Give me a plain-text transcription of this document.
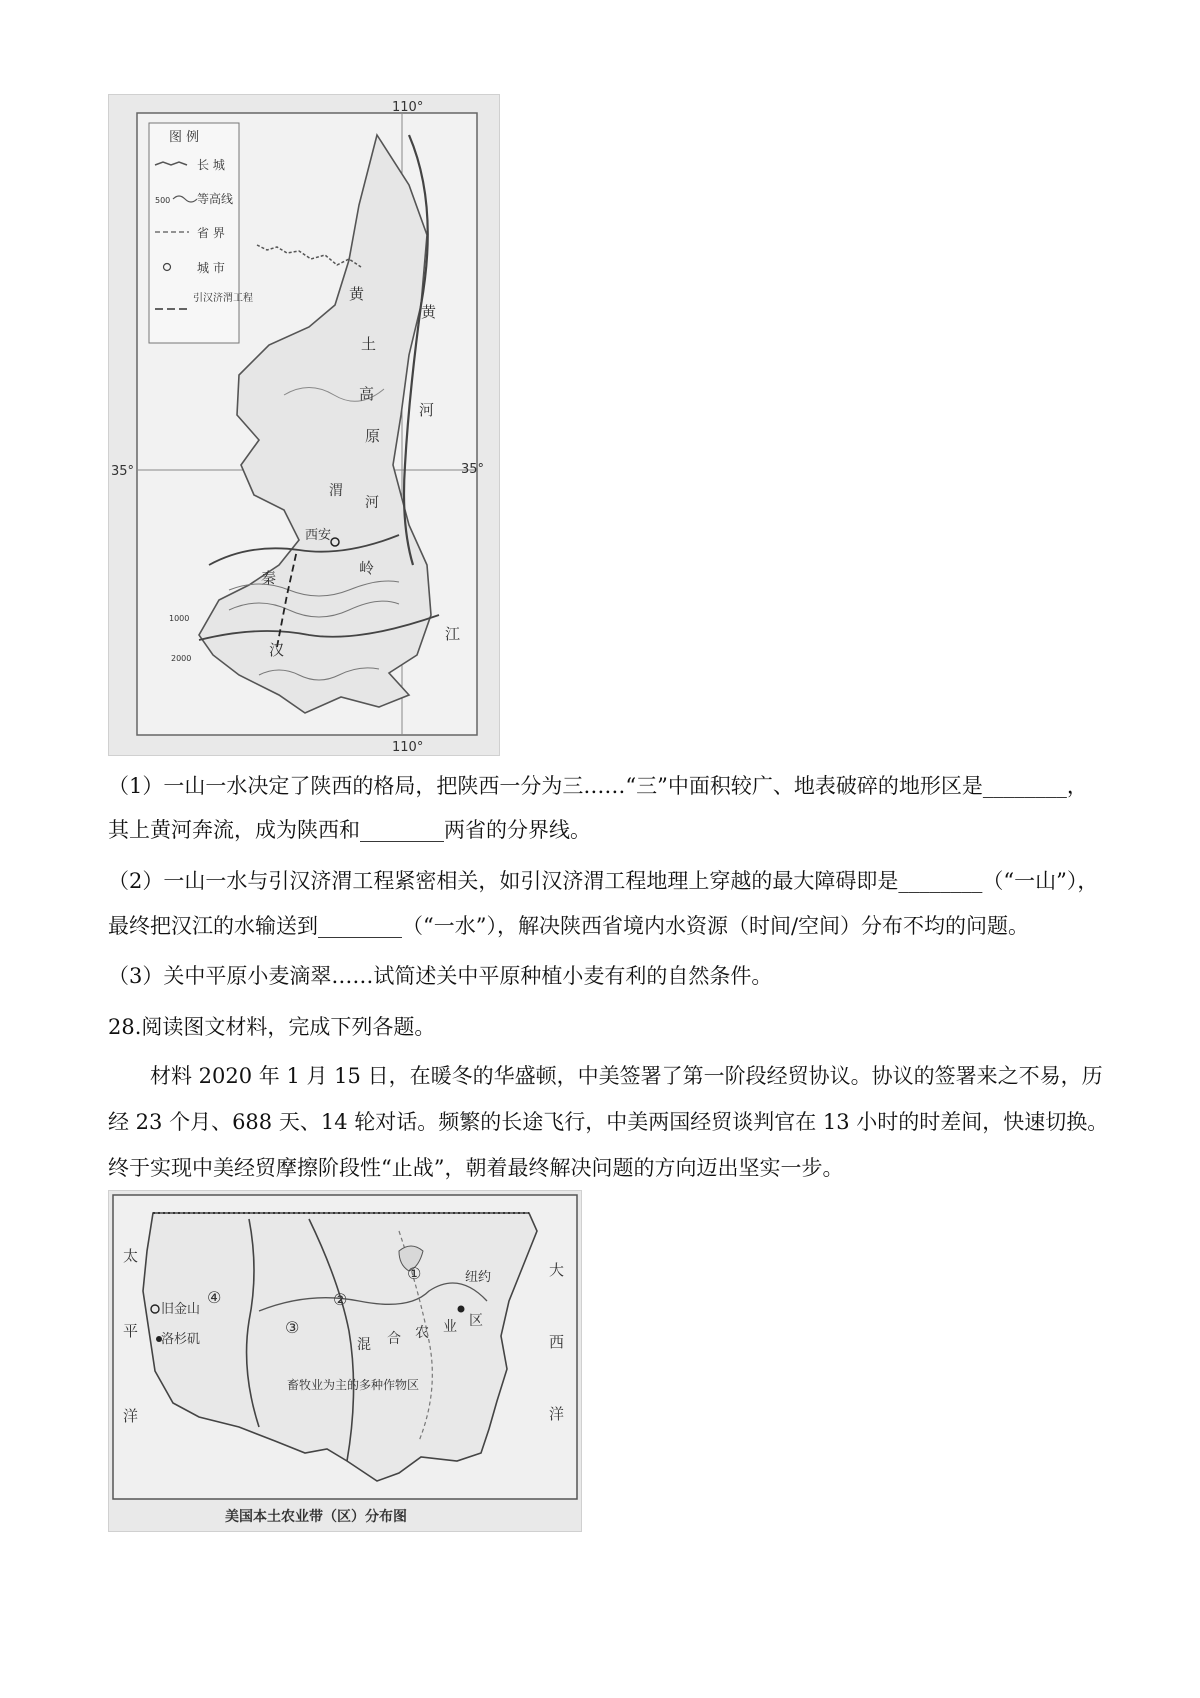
110°
110°
35°	35°
图 例
长 城
500 等高线
省 界
城 市
引汉济渭工程
西安
黄
黄
土
高
原
河
渭
河
秦
岭
汉
江
1000
2000
（1）一山一水决定了陕西的格局，把陕西一分为三……“三”中面积较广、地表破碎的地形区是________，
其上黄河奔流，成为陕西和________两省的分界线。
（2）一山一水与引汉济渭工程紧密相关，如引汉济渭工程地理上穿越的最大障碍即是________（“一山”），
最终把汉江的水输送到________（“一水”），解决陕西省境内水资源（时间/空间）分布不均的问题。
（3）关中平原小麦滴翠……试简述关中平原种植小麦有利的自然条件。
28.阅读图文材料，完成下列各题。
材料 2020 年 1 月 15 日，在暖冬的华盛顿，中美签署了第一阶段经贸协议。协议的签署来之不易，历
经 23 个月、688 天、14 轮对话。频繁的长途飞行，中美两国经贸谈判官在 13 小时的时差间，快速切换。
终于实现中美经贸摩擦阶段性“止战”，朝着最终解决问题的方向迈出坚实一步。
太
平
洋
大
西
洋
①
②
③
④
纽约
旧金山
洛杉矶	混 合 农 业 区
畜牧业为主的多种作物区
美国本土农业带（区）分布图
